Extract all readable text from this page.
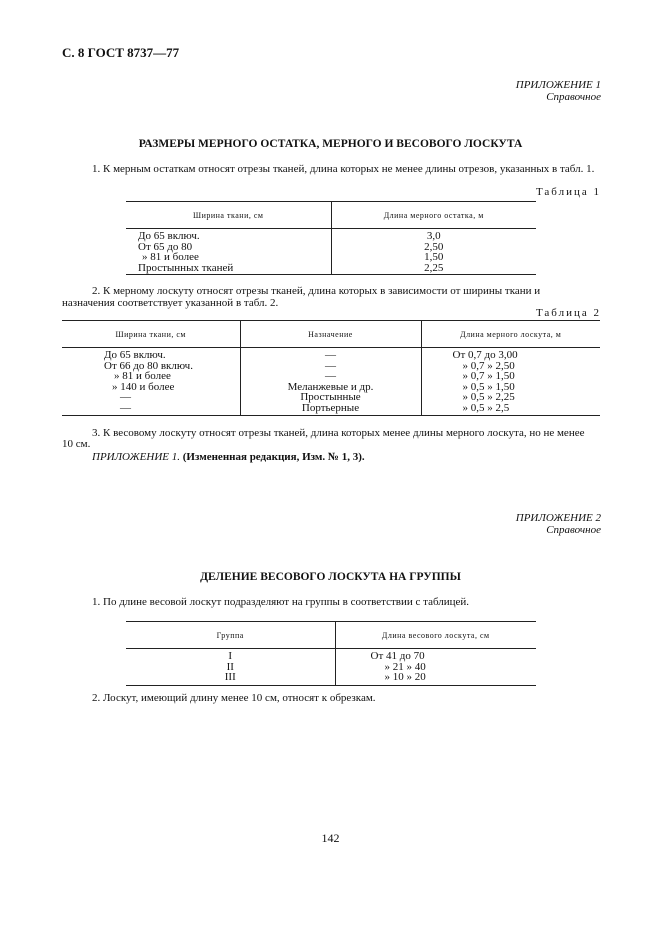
С. 8 ГОСТ 8737—77
ПРИЛОЖЕНИЕ 1
Справочное
РАЗМЕРЫ МЕРНОГО ОСТАТКА, МЕРНОГО И ВЕСОВОГО ЛОСКУТА
1. К мерным остаткам относят отрезы тканей, длина которых не менее длины отрезов, указанных в табл. 1.
Таблица 1
Ширина ткани, см	Длина мерного остатка, м
До 65 включ.	3,0
От 65 до 80	2,50
» 81 и более	1,50
Простынных тканей	2,25
2. К мерному лоскуту относят отрезы тканей, длина которых в зависимости от ширины ткани и
назначения соответствует указанной в табл. 2.
Таблица 2
Ширина ткани, см	Назначение	Длина мерного лоскута, м
До 65 включ.	—	От 0,7 до 3,00
От 66 до 80 включ.	—	» 0,7 » 2,50
» 81 и более	—	» 0,7 » 1,50
» 140 и более	Меланжевые и др.	» 0,5 » 1,50
—	Простынные	» 0,5 » 2,25
—	Портьерные	» 0,5 » 2,5
3. К весовому лоскуту относят отрезы тканей, длина которых менее длины мерного лоскута, но не менее
10 см.
ПРИЛОЖЕНИЕ 1. (Измененная редакция, Изм. № 1, 3).
ПРИЛОЖЕНИЕ 2
Справочное
ДЕЛЕНИЕ ВЕСОВОГО ЛОСКУТА НА ГРУППЫ
1. По длине весовой лоскут подразделяют на группы в соответствии с таблицей.
Группа	Длина весового лоскута, см
I	От 41 до 70
II	» 21 » 40
III	» 10 » 20
2. Лоскут, имеющий длину менее 10 см, относят к обрезкам.
142
